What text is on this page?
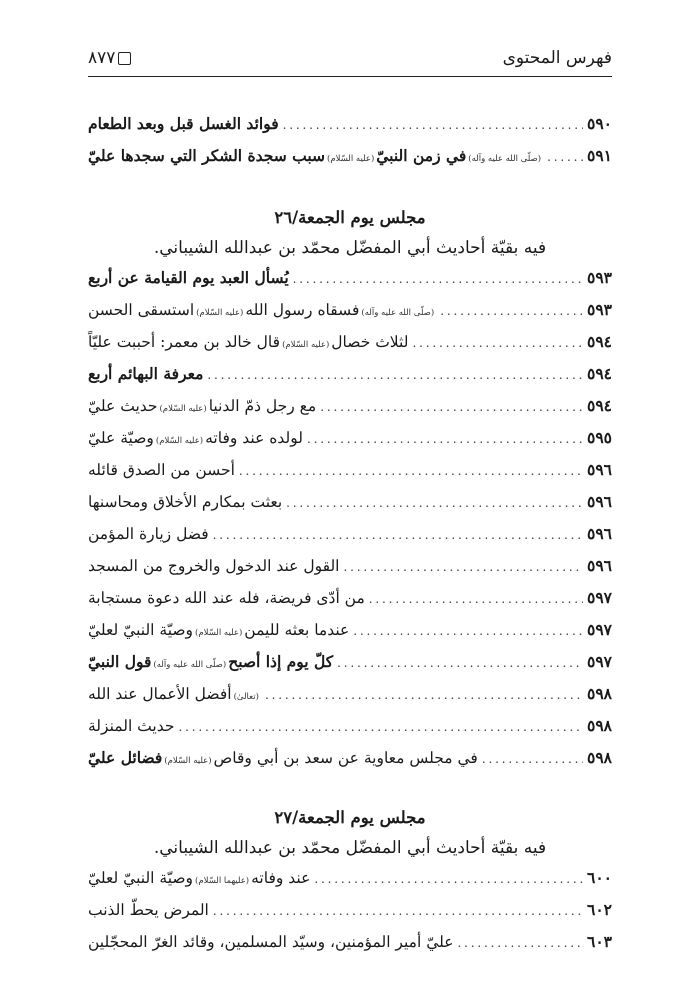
فهرس المحتوى
٨٧٧
فوائد الغسل قبل وبعد الطعام . . .	٥٩٠
سبب سجدة الشكر التي سجدها عليّ (عليه السّلام) في زمن النبيّ (صلّى الله عليه وآله) . . .	٥٩١
مجلس يوم الجمعة/٢٦
فيه بقيّة أحاديث أبي المفضّل محمّد بن عبدالله الشيباني.
يُسأل العبد يوم القيامة عن أربع . . .	٥٩٣
استسقى الحسن (عليه السّلام) فسقاه رسول الله (صلّى الله عليه وآله) . . .	٥٩٣
قال خالد بن معمر: أحببت عليّاً (عليه السّلام) لثلاث خصال . . .	٥٩٤
معرفة البهائم أربع . . .	٥٩٤
حديث عليّ (عليه السّلام) مع رجل ذمّ الدنيا . . .	٥٩٤
وصيّة عليّ (عليه السّلام) لولده عند وفاته . . .	٥٩٥
أحسن من الصدق قائله . . .	٥٩٦
بعثت بمكارم الأخلاق ومحاسنها . . .	٥٩٦
فضل زيارة المؤمن . . .	٥٩٦
القول عند الدخول والخروج من المسجد . . .	٥٩٦
من أدّى فريضة، فله عند الله دعوة مستجابة . . .	٥٩٧
وصيّة النبيّ لعليّ (عليه السّلام) عندما بعثه لليمن . . .	٥٩٧
قول النبيّ (صلّى الله عليه وآله) كلّ يوم إذا أصبح . . .	٥٩٧
أفضل الأعمال عند الله (تعالىٰ) . . .	٥٩٨
حديث المنزلة . . .	٥٩٨
فضائل عليّ (عليه السّلام) في مجلس معاوية عن سعد بن أبي وقاص . . .	٥٩٨
مجلس يوم الجمعة/٢٧
فيه بقيّة أحاديث أبي المفضّل محمّد بن عبدالله الشيباني.
وصيّة النبيّ لعليّ (عليهما السّلام) عند وفاته . . .	٦٠٠
المرض يحطّ الذنب . . .	٦٠٢
عليّ أمير المؤمنين، وسيّد المسلمين، وقائد الغرّ المحجّلين . . .	٦٠٣
